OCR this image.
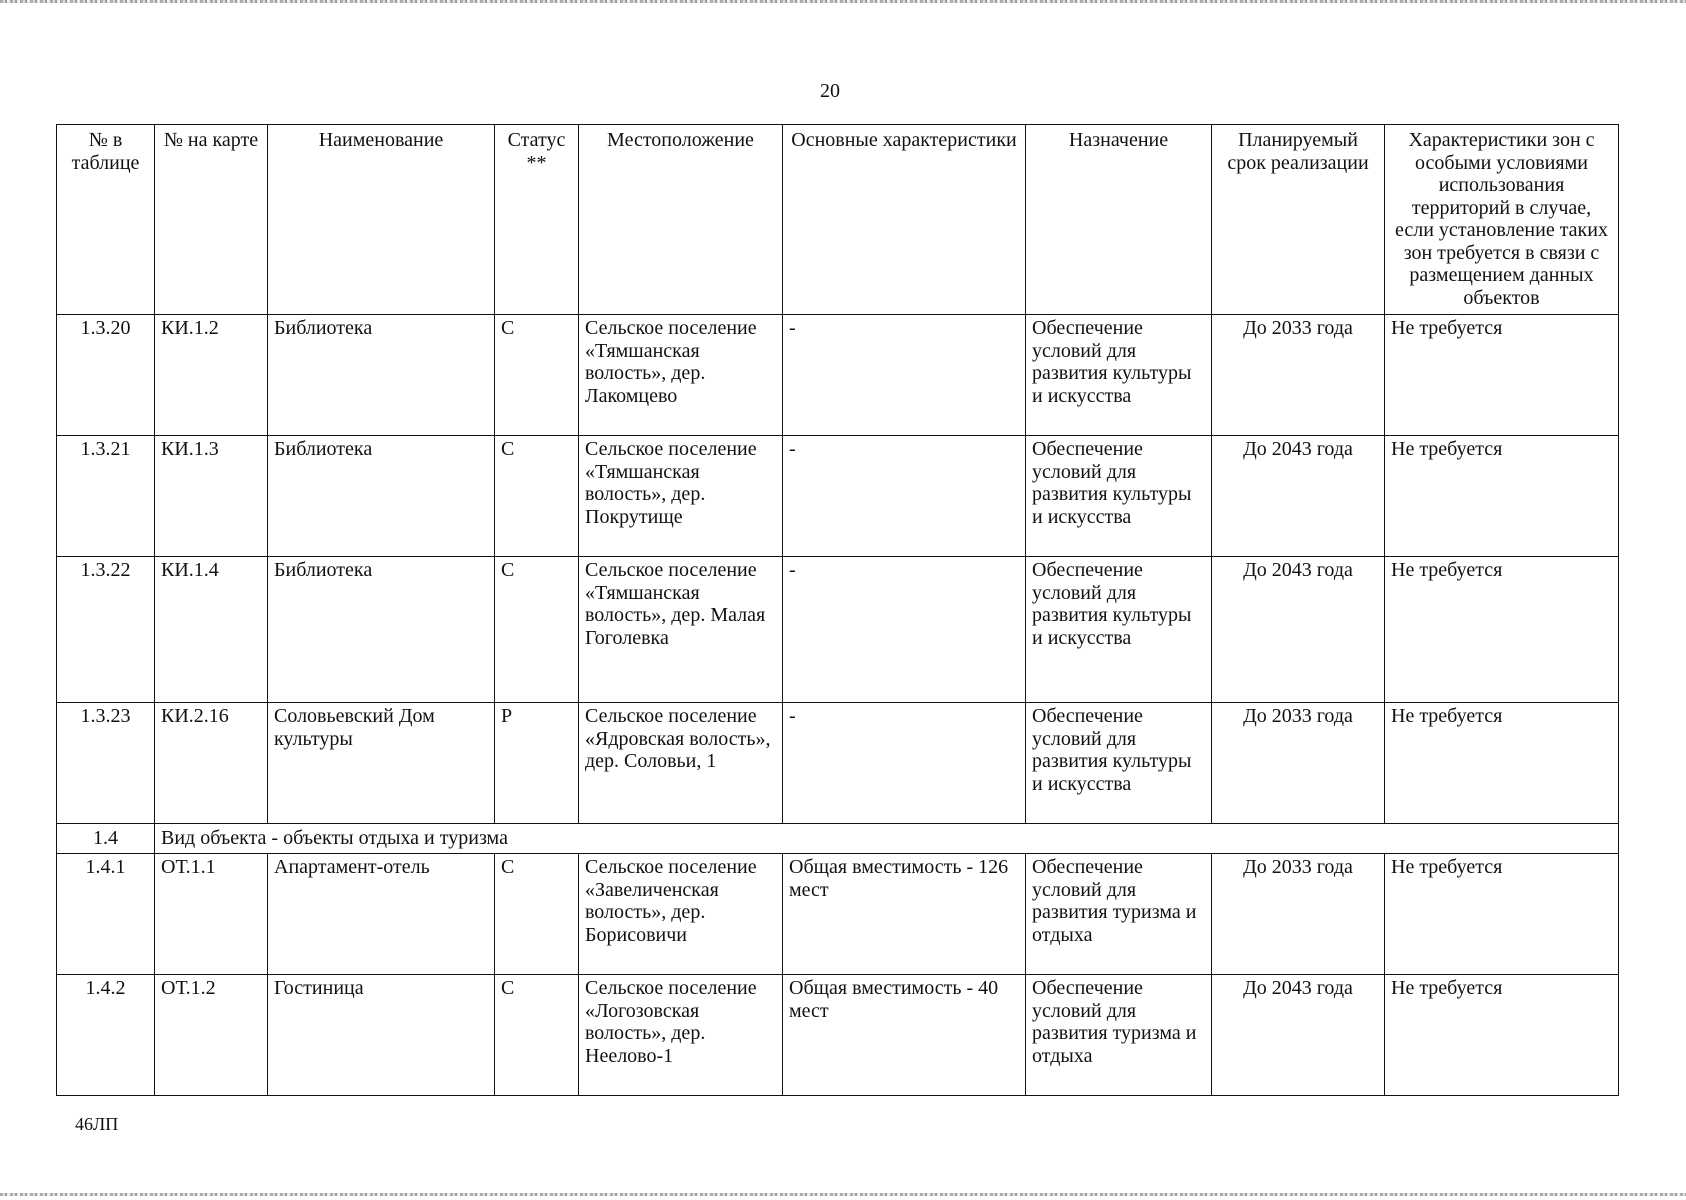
20
№ в таблице	№ на карте	Наименование	Статус **	Местоположение	Основные характеристики	Назначение	Планируемый срок реализации	Характеристики зон с особыми условиями использования территорий в случае, если установление таких зон требуется в связи с размещением данных объектов
1.3.20	КИ.1.2	Библиотека	С	Сельское поселение «Тямшанская волость», дер. Лакомцево	-	Обеспечение условий для развития культуры и искусства	До 2033 года	Не требуется
1.3.21	КИ.1.3	Библиотека	С	Сельское поселение «Тямшанская волость», дер. Покрутище	-	Обеспечение условий для развития культуры и искусства	До 2043 года	Не требуется
1.3.22	КИ.1.4	Библиотека	С	Сельское поселение «Тямшанская волость», дер. Малая Гоголевка	-	Обеспечение условий для развития культуры и искусства	До 2043 года	Не требуется
1.3.23	КИ.2.16	Соловьевский Дом культуры	Р	Сельское поселение «Ядровская волость», дер. Соловьи, 1	-	Обеспечение условий для развития культуры и искусства	До 2033 года	Не требуется
1.4	Вид объекта - объекты отдыха и туризма							
1.4.1	ОТ.1.1	Апартамент-отель	С	Сельское поселение «Завеличенская волость», дер. Борисовичи	Общая вместимость - 126 мест	Обеспечение условий для развития туризма и отдыха	До 2033 года	Не требуется
1.4.2	ОТ.1.2	Гостиница	С	Сельское поселение «Логозовская волость», дер. Неелово-1	Общая вместимость - 40 мест	Обеспечение условий для развития туризма и отдыха	До 2043 года	Не требуется
46ЛП
